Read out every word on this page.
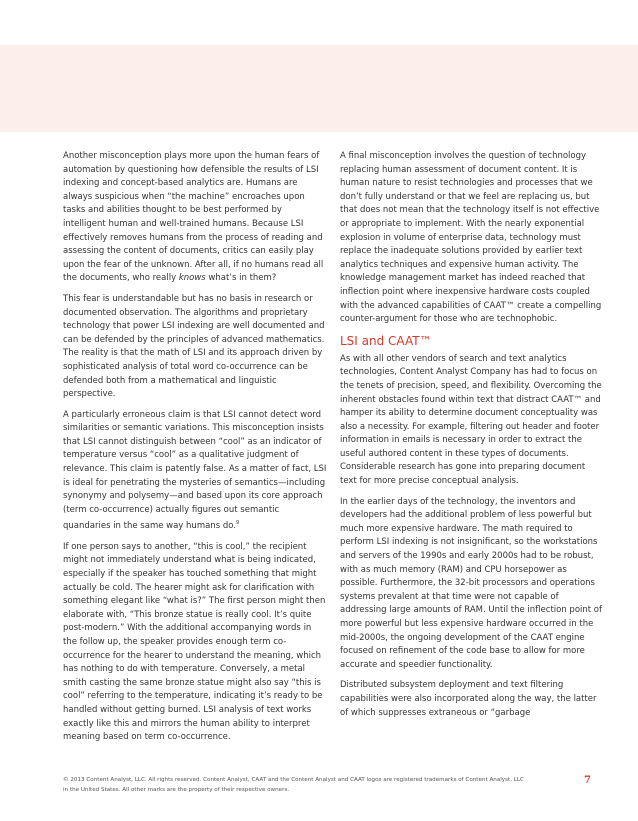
Another misconception plays more upon the human fears of automation by questioning how defensible the results of LSI indexing and concept-based analytics are. Humans are always suspicious when “the machine” encroaches upon tasks and abilities thought to be best performed by intelligent human and well-trained humans. Because LSI effectively removes humans from the process of reading and assessing the content of documents, critics can easily play upon the fear of the unknown. After all, if no humans read all the documents, who really knows what’s in them?

This fear is understandable but has no basis in research or documented observation. The algorithms and proprietary technology that power LSI indexing are well documented and can be defended by the principles of advanced mathematics. The reality is that the math of LSI and its approach driven by sophisticated analysis of total word co-occurrence can be defended both from a mathematical and linguistic perspective.

A particularly erroneous claim is that LSI cannot detect word similarities or semantic variations. This misconception insists that LSI cannot distinguish between “cool” as an indicator of temperature versus “cool” as a qualitative judgment of relevance. This claim is patently false. As a matter of fact, LSI is ideal for penetrating the mysteries of semantics—including synonymy and polysemy—and based upon its core approach (term co-occurrence) actually figures out semantic quandaries in the same way humans do.$^9$

If one person says to another, “this is cool,” the recipient might not immediately understand what is being indicated, especially if the speaker has touched something that might actually be cold. The hearer might ask for clarification with something elegant like “what is?” The first person might then elaborate with, “This bronze statue is really cool. It’s quite post-modern.” With the additional accompanying words in the follow up, the speaker provides enough term co-occurrence for the hearer to understand the meaning, which has nothing to do with temperature. Conversely, a metal smith casting the same bronze statue might also say “this is cool” referring to the temperature, indicating it’s ready to be handled without getting burned. LSI analysis of text works exactly like this and mirrors the human ability to interpret meaning based on term co-occurrence.

A final misconception involves the question of technology replacing human assessment of document content. It is human nature to resist technologies and processes that we don’t fully understand or that we feel are replacing us, but that does not mean that the technology itself is not effective or appropriate to implement. With the nearly exponential explosion in volume of enterprise data, technology must replace the inadequate solutions provided by earlier text analytics techniques and expensive human activity. The knowledge management market has indeed reached that inflection point where inexpensive hardware costs coupled with the advanced capabilities of CAAT™ create a compelling counter-argument for those who are technophobic.

LSI and CAAT™

As with all other vendors of search and text analytics technologies, Content Analyst Company has had to focus on the tenets of precision, speed, and flexibility. Overcoming the inherent obstacles found within text that distract CAAT™ and hamper its ability to determine document conceptuality was also a necessity. For example, filtering out header and footer information in emails is necessary in order to extract the useful authored content in these types of documents. Considerable research has gone into preparing document text for more precise conceptual analysis.

In the earlier days of the technology, the inventors and developers had the additional problem of less powerful but much more expensive hardware. The math required to perform LSI indexing is not insignificant, so the workstations and servers of the 1990s and early 2000s had to be robust, with as much memory (RAM) and CPU horsepower as possible. Furthermore, the 32-bit processors and operations systems prevalent at that time were not capable of addressing large amounts of RAM. Until the inflection point of more powerful but less expensive hardware occurred in the mid-2000s, the ongoing development of the CAAT engine focused on refinement of the code base to allow for more accurate and speedier functionality.

Distributed subsystem deployment and text filtering capabilities were also incorporated along the way, the latter of which suppresses extraneous or “garbage

© 2013 Content Analyst, LLC. All rights reserved. Content Analyst, CAAT and the Content Analyst and CAAT logos are registered trademarks of Content Analyst, LLC
in the United States. All other marks are the property of their respective owners.
7
